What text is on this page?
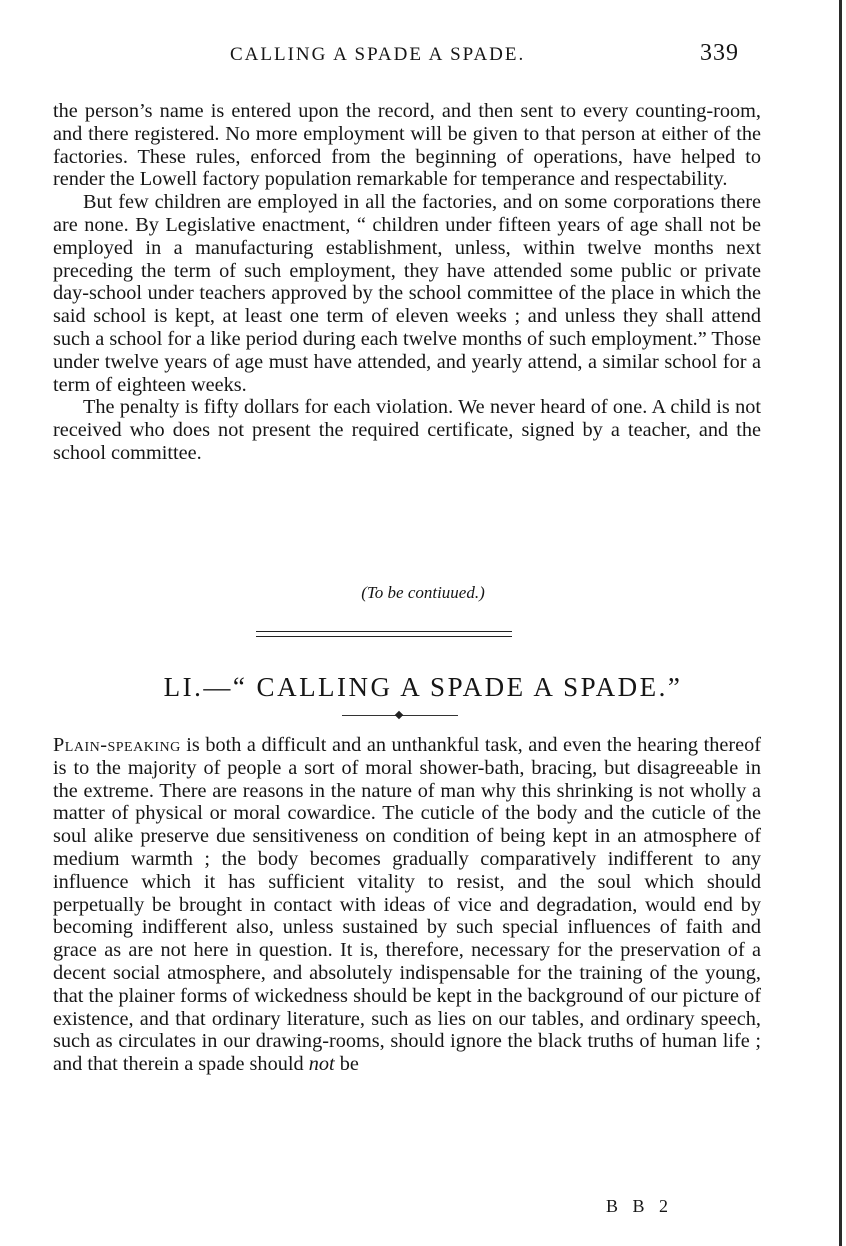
CALLING A SPADE A SPADE.	339

the person’s name is entered upon the record, and then sent to every counting-room, and there registered. No more employment will be given to that person at either of the factories. These rules, enforced from the beginning of operations, have helped to render the Lowell factory population remarkable for temperance and respectability.

But few children are employed in all the factories, and on some corporations there are none. By Legislative enactment, “ children under fifteen years of age shall not be employed in a manufacturing establishment, unless, within twelve months next preceding the term of such employment, they have attended some public or private day-school under teachers approved by the school committee of the place in which the said school is kept, at least one term of eleven weeks ; and unless they shall attend such a school for a like period during each twelve months of such employment.” Those under twelve years of age must have attended, and yearly attend, a similar school for a term of eighteen weeks.

The penalty is fifty dollars for each violation. We never heard of one. A child is not received who does not present the required certificate, signed by a teacher, and the school committee.

(To be contiuued.)
LI.—“ CALLING A SPADE A SPADE.”

Plain-speaking is both a difficult and an unthankful task, and even the hearing thereof is to the majority of people a sort of moral shower-bath, bracing, but disagreeable in the extreme. There are reasons in the nature of man why this shrinking is not wholly a matter of physical or moral cowardice. The cuticle of the body and the cuticle of the soul alike preserve due sensitiveness on condition of being kept in an atmosphere of medium warmth ; the body becomes gradually comparatively indifferent to any influence which it has sufficient vitality to resist, and the soul which should perpetually be brought in contact with ideas of vice and degradation, would end by becoming indifferent also, unless sustained by such special influences of faith and grace as are not here in question. It is, therefore, necessary for the preservation of a decent social atmosphere, and absolutely indispensable for the training of the young, that the plainer forms of wickedness should be kept in the background of our picture of existence, and that ordinary literature, such as lies on our tables, and ordinary speech, such as circulates in our drawing-rooms, should ignore the black truths of human life ; and that therein a spade should not be

B B 2
